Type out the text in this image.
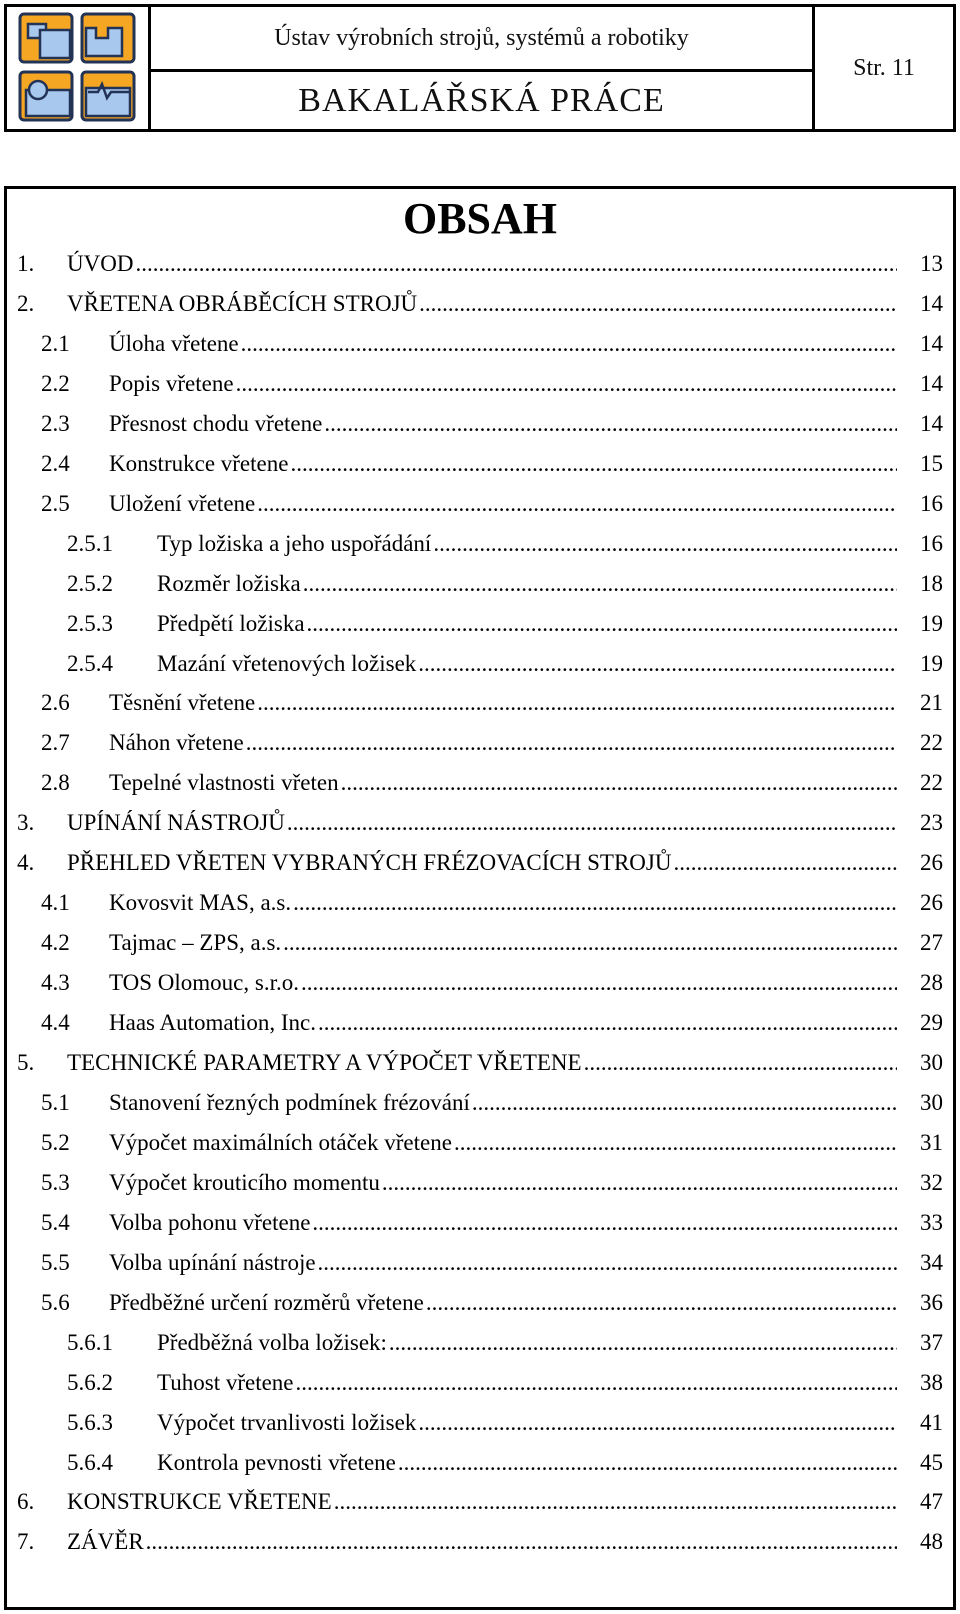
Ústav výrobních strojů, systémů a robotiky
BAKALÁŘSKÁ PRÁCE
Str. 11
OBSAH
1. ÚVOD .....	13
2. VŘETENA OBRÁBĚCÍCH STROJŮ .....	14
2.1 Úloha vřetene .....	14
2.2 Popis vřetene .....	14
2.3 Přesnost chodu vřetene .....	14
2.4 Konstrukce vřetene .....	15
2.5 Uložení vřetene .....	16
2.5.1 Typ ložiska a jeho uspořádání .....	16
2.5.2 Rozměr ložiska .....	18
2.5.3 Předpětí ložiska .....	19
2.5.4 Mazání vřetenových ložisek .....	19
2.6 Těsnění vřetene .....	21
2.7 Náhon vřetene .....	22
2.8 Tepelné vlastnosti vřeten .....	22
3. UPÍNÁNÍ NÁSTROJŮ .....	23
4. PŘEHLED VŘETEN VYBRANÝCH FRÉZOVACÍCH STROJŮ .....	26
4.1 Kovosvit MAS, a.s. .....	26
4.2 Tajmac – ZPS, a.s. .....	27
4.3 TOS Olomouc, s.r.o. .....	28
4.4 Haas Automation, Inc. .....	29
5. TECHNICKÉ PARAMETRY A VÝPOČET VŘETENE .....	30
5.1 Stanovení řezných podmínek frézování .....	30
5.2 Výpočet maximálních otáček vřetene .....	31
5.3 Výpočet krouticího momentu .....	32
5.4 Volba pohonu vřetene .....	33
5.5 Volba upínání nástroje .....	34
5.6 Předběžné určení rozměrů vřetene .....	36
5.6.1 Předběžná volba ložisek: .....	37
5.6.2 Tuhost vřetene .....	38
5.6.3 Výpočet trvanlivosti ložisek .....	41
5.6.4 Kontrola pevnosti vřetene .....	45
6. KONSTRUKCE VŘETENE .....	47
7. ZÁVĚR .....	48
